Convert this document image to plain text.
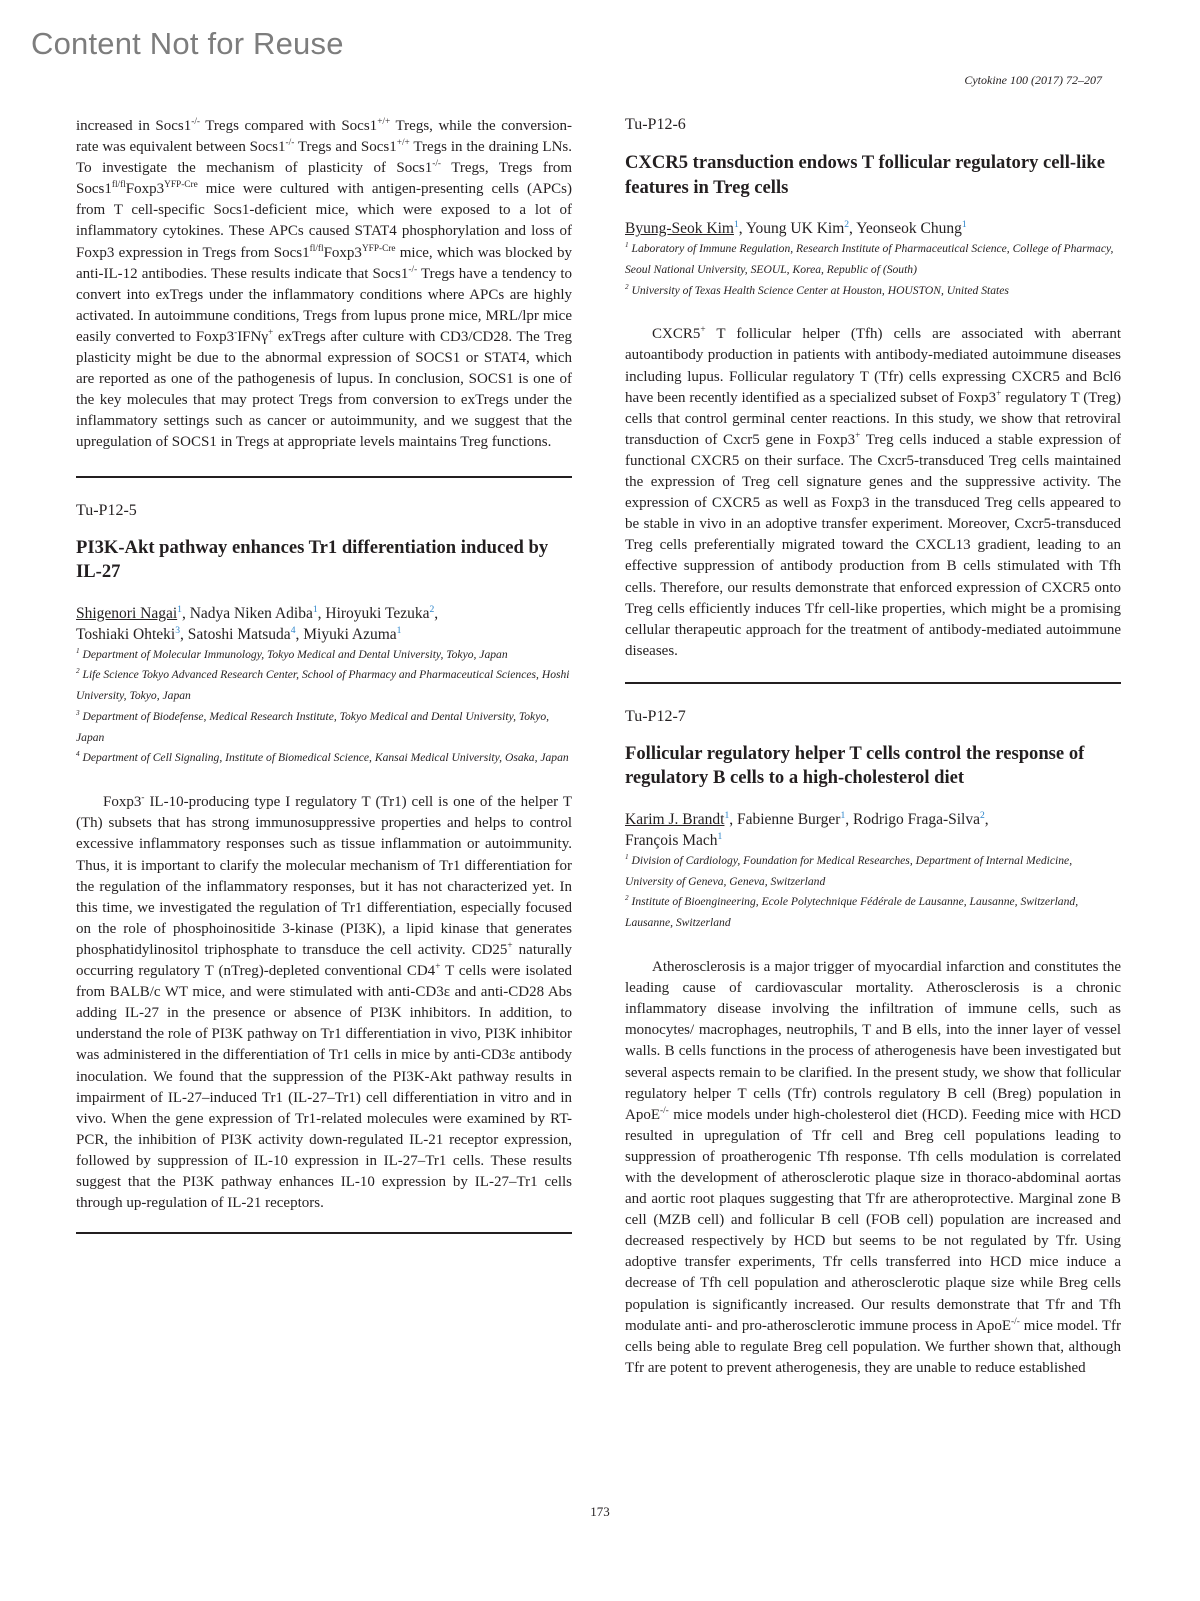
Content Not for Reuse
Cytokine 100 (2017) 72–207

increased in Socs1-/- Tregs compared with Socs1+/+ Tregs, while the conversion-rate was equivalent between Socs1-/- Tregs and Socs1+/+ Tregs in the draining LNs. To investigate the mechanism of plasticity of Socs1-/- Tregs, Tregs from $Socs1^{fl/fl}Foxp3^{YFP-Cre}$ mice were cultured with antigen-presenting cells (APCs) from T cell-specific Socs1-deficient mice, which were exposed to a lot of inflammatory cytokines. These APCs caused STAT4 phosphorylation and loss of Foxp3 expression in Tregs from $Socs1^{fl/fl}Foxp3^{YFP-Cre}$ mice, which was blocked by anti-IL-12 antibodies. These results indicate that Socs1-/- Tregs have a tendency to convert into exTregs under the inflammatory conditions where APCs are highly activated. In autoimmune conditions, Tregs from lupus prone mice, MRL/lpr mice easily converted to Foxp3-IFNγ+ exTregs after culture with CD3/CD28. The Treg plasticity might be due to the abnormal expression of SOCS1 or STAT4, which are reported as one of the pathogenesis of lupus. In conclusion, SOCS1 is one of the key molecules that may protect Tregs from conversion to exTregs under the inflammatory settings such as cancer or autoimmunity, and we suggest that the upregulation of SOCS1 in Tregs at appropriate levels maintains Treg functions.

Tu-P12-5

PI3K-Akt pathway enhances Tr1 differentiation induced by IL-27

Shigenori Nagai$^1$, Nadya Niken Adiba$^1$, Hiroyuki Tezuka$^2$,
Toshiaki Ohteki$^3$, Satoshi Matsuda$^4$, Miyuki Azuma$^1$

$^1$ Department of Molecular Immunology, Tokyo Medical and Dental University, Tokyo, Japan

$^2$ Life Science Tokyo Advanced Research Center, School of Pharmacy and Pharmaceutical Sciences, Hoshi University, Tokyo, Japan

$^3$ Department of Biodefense, Medical Research Institute, Tokyo Medical and Dental University, Tokyo, Japan

$^4$ Department of Cell Signaling, Institute of Biomedical Science, Kansai Medical University, Osaka, Japan

Foxp3- IL-10-producing type I regulatory T (Tr1) cell is one of the helper T (Th) subsets that has strong immunosuppressive properties and helps to control excessive inflammatory responses such as tissue inflammation or autoimmunity. Thus, it is important to clarify the molecular mechanism of Tr1 differentiation for the regulation of the inflammatory responses, but it has not characterized yet. In this time, we investigated the regulation of Tr1 differentiation, especially focused on the role of phosphoinositide 3-kinase (PI3K), a lipid kinase that generates phosphatidylinositol triphosphate to transduce the cell activity. CD25+ naturally occurring regulatory T (nTreg)-depleted conventional CD4+ T cells were isolated from BALB/c WT mice, and were stimulated with anti-CD3ε and anti-CD28 Abs adding IL-27 in the presence or absence of PI3K inhibitors. In addition, to understand the role of PI3K pathway on Tr1 differentiation in vivo, PI3K inhibitor was administered in the differentiation of Tr1 cells in mice by anti-CD3ε antibody inoculation. We found that the suppression of the PI3K-Akt pathway results in impairment of IL-27–induced Tr1 (IL-27–Tr1) cell differentiation in vitro and in vivo. When the gene expression of Tr1-related molecules were examined by RT-PCR, the inhibition of PI3K activity down-regulated IL-21 receptor expression, followed by suppression of IL-10 expression in IL-27–Tr1 cells. These results suggest that the PI3K pathway enhances IL-10 expression by IL-27–Tr1 cells through up-regulation of IL-21 receptors.

Tu-P12-6

CXCR5 transduction endows T follicular regulatory cell-like features in Treg cells

Byung-Seok Kim$^1$, Young UK Kim$^2$, Yeonseok Chung$^1$

$^1$ Laboratory of Immune Regulation, Research Institute of Pharmaceutical Science, College of Pharmacy, Seoul National University, SEOUL, Korea, Republic of (South)

$^2$ University of Texas Health Science Center at Houston, HOUSTON, United States

CXCR5+ T follicular helper (Tfh) cells are associated with aberrant autoantibody production in patients with antibody-mediated autoimmune diseases including lupus. Follicular regulatory T (Tfr) cells expressing CXCR5 and Bcl6 have been recently identified as a specialized subset of Foxp3+ regulatory T (Treg) cells that control germinal center reactions. In this study, we show that retroviral transduction of Cxcr5 gene in Foxp3+ Treg cells induced a stable expression of functional CXCR5 on their surface. The Cxcr5-transduced Treg cells maintained the expression of Treg cell signature genes and the suppressive activity. The expression of CXCR5 as well as Foxp3 in the transduced Treg cells appeared to be stable in vivo in an adoptive transfer experiment. Moreover, Cxcr5-transduced Treg cells preferentially migrated toward the CXCL13 gradient, leading to an effective suppression of antibody production from B cells stimulated with Tfh cells. Therefore, our results demonstrate that enforced expression of CXCR5 onto Treg cells efficiently induces Tfr cell-like properties, which might be a promising cellular therapeutic approach for the treatment of antibody-mediated autoimmune diseases.

Tu-P12-7

Follicular regulatory helper T cells control the response of regulatory B cells to a high-cholesterol diet

Karim J. Brandt$^1$, Fabienne Burger$^1$, Rodrigo Fraga-Silva$^2$,
François Mach$^1$

$^1$ Division of Cardiology, Foundation for Medical Researches, Department of Internal Medicine, University of Geneva, Geneva, Switzerland

$^2$ Institute of Bioengineering, Ecole Polytechnique Fédérale de Lausanne, Lausanne, Switzerland, Lausanne, Switzerland

Atherosclerosis is a major trigger of myocardial infarction and constitutes the leading cause of cardiovascular mortality. Atherosclerosis is a chronic inflammatory disease involving the infiltration of immune cells, such as monocytes/ macrophages, neutrophils, T and B ells, into the inner layer of vessel walls. B cells functions in the process of atherogenesis have been investigated but several aspects remain to be clarified. In the present study, we show that follicular regulatory helper T cells (Tfr) controls regulatory B cell (Breg) population in ApoE-/- mice models under high-cholesterol diet (HCD). Feeding mice with HCD resulted in upregulation of Tfr cell and Breg cell populations leading to suppression of proatherogenic Tfh response. Tfh cells modulation is correlated with the development of atherosclerotic plaque size in thoraco-abdominal aortas and aortic root plaques suggesting that Tfr are atheroprotective. Marginal zone B cell (MZB cell) and follicular B cell (FOB cell) population are increased and decreased respectively by HCD but seems to be not regulated by Tfr. Using adoptive transfer experiments, Tfr cells transferred into HCD mice induce a decrease of Tfh cell population and atherosclerotic plaque size while Breg cells population is significantly increased. Our results demonstrate that Tfr and Tfh modulate anti- and pro-atherosclerotic immune process in ApoE-/- mice model. Tfr cells being able to regulate Breg cell population. We further shown that, although Tfr are potent to prevent atherogenesis, they are unable to reduce established

173
